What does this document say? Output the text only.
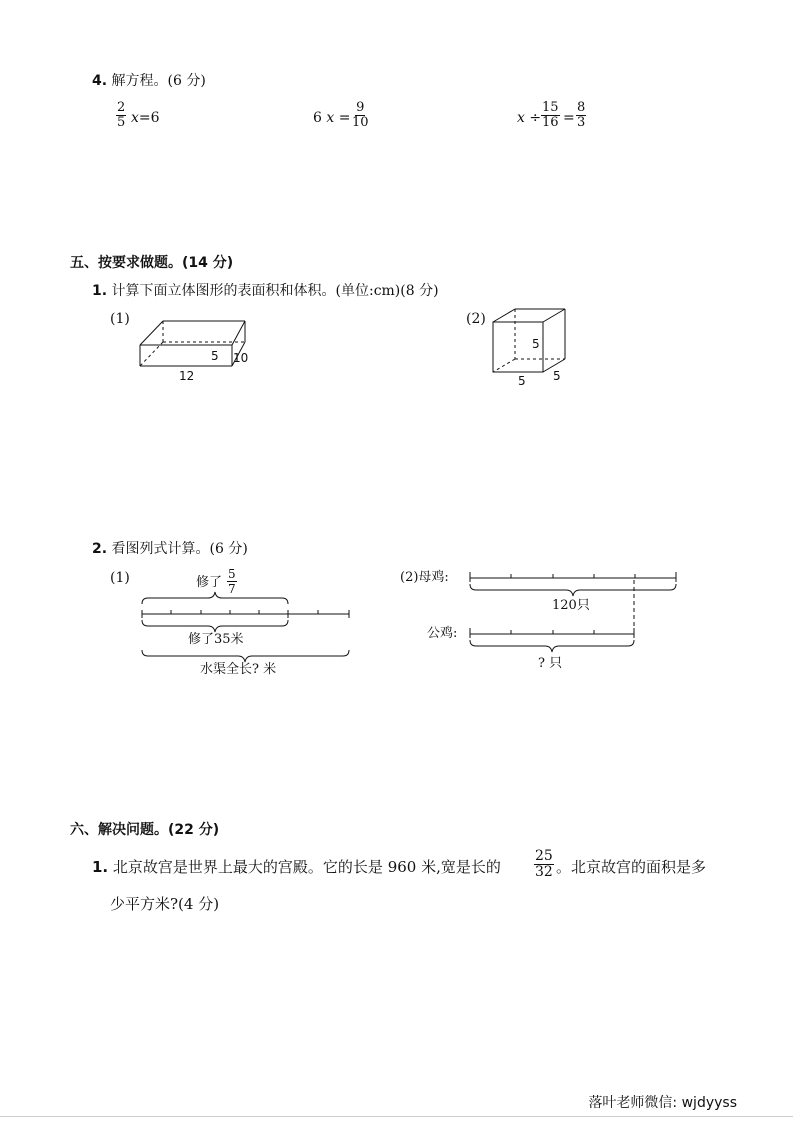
4. 解方程。(6 分)
$\frac{2}{5} x=6$	6 $x = \frac{9}{10}$	$x \div \frac{15}{16} = \frac{8}{3}$
五、按要求做题。(14 分)
1. 计算下面立体图形的表面积和体积。(单位:cm)(8 分)
(1)
5 10
12
(2)
5
5
5
2. 看图列式计算。(6 分)
(1)	修了 $\frac{5}{7}$
修了35米
水渠全长? 米
(2)母鸡:
120只
公鸡:
? 只
六、解决问题。(22 分)
1. 北京故宫是世界上最大的宫殿。它的长是 960 米,宽是长的 $\frac{25}{32}$ 。北京故宫的面积是多
少平方米?(4 分)
落叶老师微信: wjdyyss
